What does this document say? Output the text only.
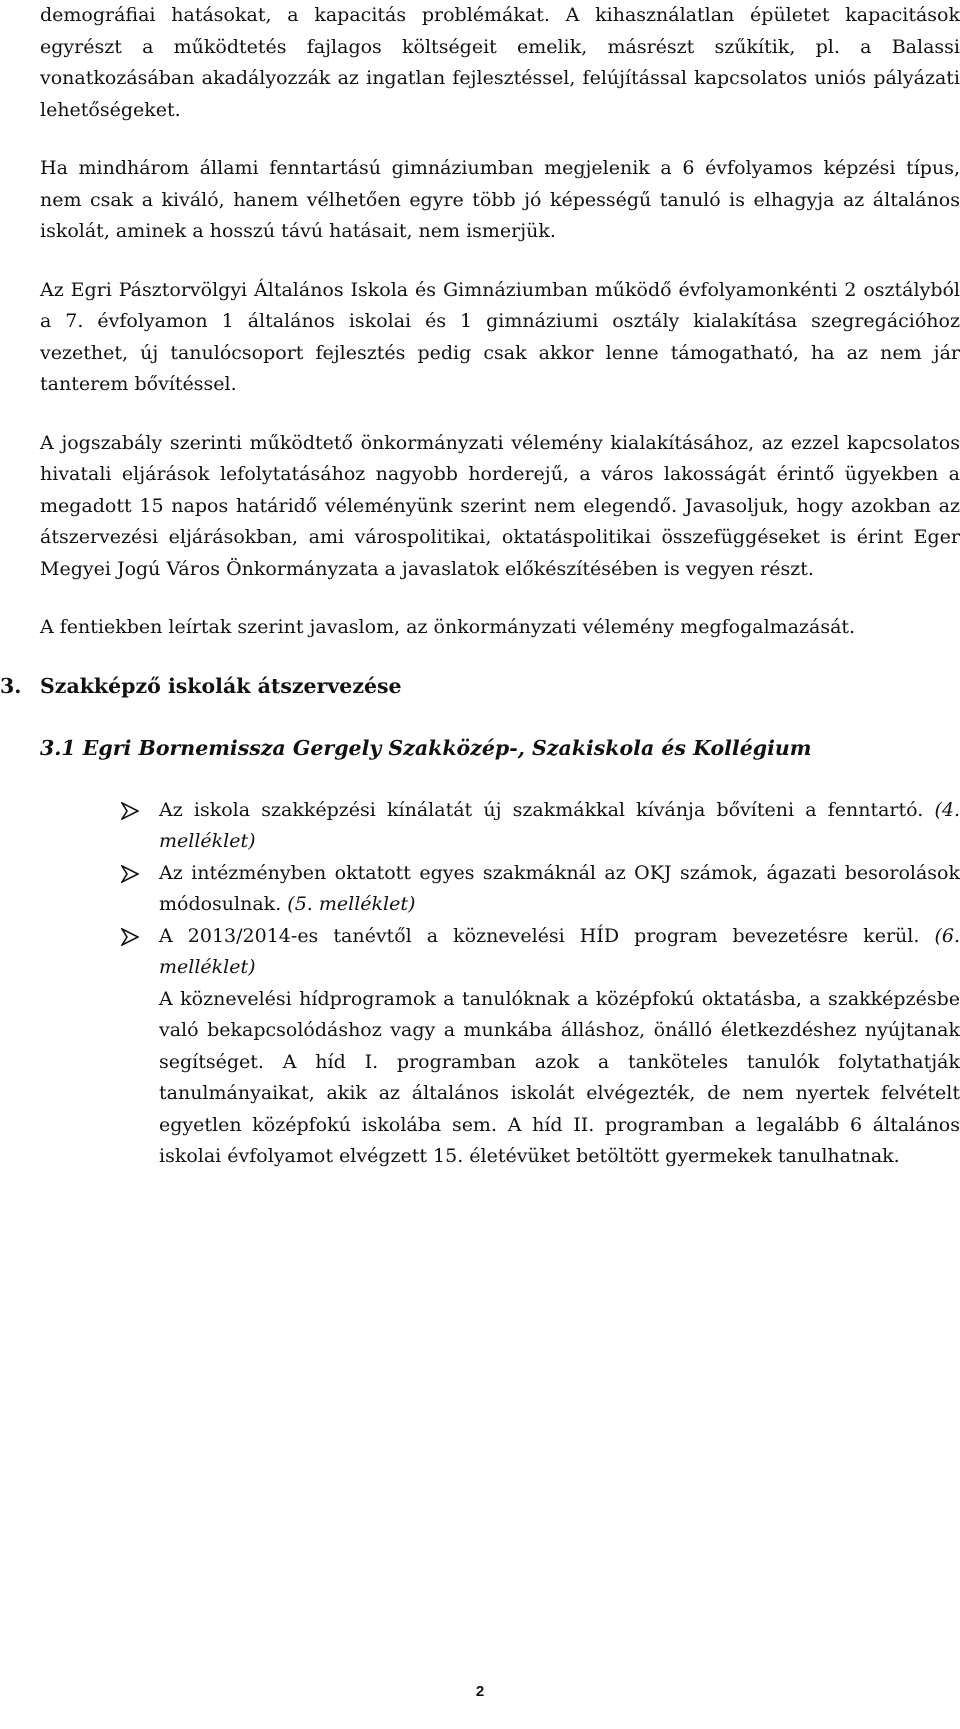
demográfiai hatásokat, a kapacitás problémákat. A kihasználatlan épületet kapacitások egyrészt a működtetés fajlagos költségeit emelik, másrészt szűkítik, pl. a Balassi vonatkozásában akadályozzák az ingatlan fejlesztéssel, felújítással kapcsolatos uniós pályázati lehetőségeket.

Ha mindhárom állami fenntartású gimnáziumban megjelenik a 6 évfolyamos képzési típus, nem csak a kiváló, hanem vélhetően egyre több jó képességű tanuló is elhagyja az általános iskolát, aminek a hosszú távú hatásait, nem ismerjük.

Az Egri Pásztorvölgyi Általános Iskola és Gimnáziumban működő évfolyamonkénti 2 osztályból a 7. évfolyamon 1 általános iskolai és 1 gimnáziumi osztály kialakítása szegregációhoz vezethet, új tanulócsoport fejlesztés pedig csak akkor lenne támogatható, ha az nem jár tanterem bővítéssel.

A jogszabály szerinti működtető önkormányzati vélemény kialakításához, az ezzel kapcsolatos hivatali eljárások lefolytatásához nagyobb horderejű, a város lakosságát érintő ügyekben a megadott 15 napos határidő véleményünk szerint nem elegendő. Javasoljuk, hogy azokban az átszervezési eljárásokban, ami várospolitikai, oktatáspolitikai összefüggéseket is érint Eger Megyei Jogú Város Önkormányzata a javaslatok előkészítésében is vegyen részt.

A fentiekben leírtak szerint javaslom, az önkormányzati vélemény megfogalmazását.

3. Szakképző iskolák átszervezése
3.1 Egri Bornemissza Gergely Szakközép-, Szakiskola és Kollégium
Az iskola szakképzési kínálatát új szakmákkal kívánja bővíteni a fenntartó. (4. melléklet)
Az intézményben oktatott egyes szakmáknál az OKJ számok, ágazati besorolások módosulnak. (5. melléklet)
A 2013/2014-es tanévtől a köznevelési HÍD program bevezetésre kerül. (6. melléklet)
A köznevelési hídprogramok a tanulóknak a középfokú oktatásba, a szakképzésbe való bekapcsolódáshoz vagy a munkába álláshoz, önálló életkezdéshez nyújtanak segítséget. A híd I. programban azok a tanköteles tanulók folytathatják tanulmányaikat, akik az általános iskolát elvégezték, de nem nyertek felvételt egyetlen középfokú iskolába sem. A híd II. programban a legalább 6 általános iskolai évfolyamot elvégzett 15. életévüket betöltött gyermekek tanulhatnak.
2
